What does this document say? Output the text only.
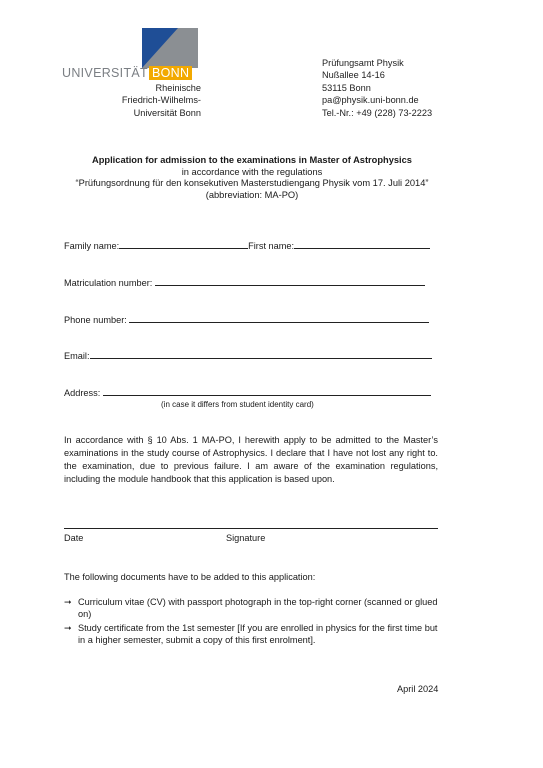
UNIVERSITÄT BONN
Rheinische
Friedrich-Wilhelms-
Universität Bonn
Prüfungsamt Physik
Nußallee 14-16
53115 Bonn
pa@physik.uni-bonn.de
Tel.-Nr.: +49 (228) 73-2223
Application for admission to the examinations in Master of Astrophysics
in accordance with the regulations
“Prüfungsordnung für den konsekutiven Masterstudiengang Physik vom 17. Juli 2014”
(abbreviation: MA-PO)
Family name:	First name:
Matriculation number:
Phone number:
Email:
Address:
(in case it differs from student identity card)
In accordance with § 10 Abs. 1 MA-PO, I herewith apply to be admitted to the Master’s examinations in the study course of Astrophysics. I declare that I have not lost any right to. the examination, due to previous failure. I am aware of the examination regulations, including the module handbook that this application is based upon.
Date	Signature
The following documents have to be added to this application:
➞ Curriculum vitae (CV) with passport photograph in the top-right corner (scanned or glued on)
➞ Study certificate from the 1st semester [If you are enrolled in physics for the first time but in a higher semester, submit a copy of this first enrolment].
April 2024
